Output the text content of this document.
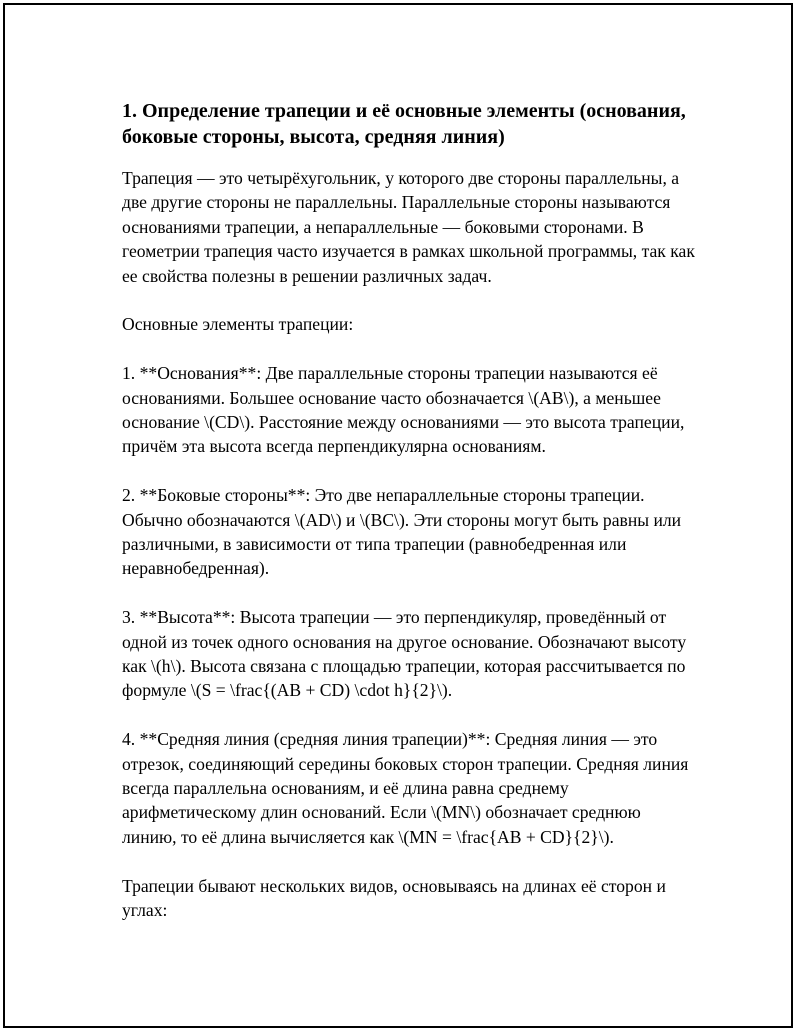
1. Определение трапеции и её основные элементы (основания, боковые стороны, высота, средняя линия)

Трапеция — это четырёхугольник, у которого две стороны параллельны, а две другие стороны не параллельны. Параллельные стороны называются основаниями трапеции, а непараллельные — боковыми сторонами. В геометрии трапеция часто изучается в рамках школьной программы, так как ее свойства полезны в решении различных задач.

Основные элементы трапеции:

1. **Основания**: Две параллельные стороны трапеции называются её основаниями. Большее основание часто обозначается \(AB\), а меньшее основание \(CD\). Расстояние между основаниями — это высота трапеции, причём эта высота всегда перпендикулярна основаниям.

2. **Боковые стороны**: Это две непараллельные стороны трапеции. Обычно обозначаются \(AD\) и \(BC\). Эти стороны могут быть равны или различными, в зависимости от типа трапеции (равнобедренная или неравнобедренная).

3. **Высота**: Высота трапеции — это перпендикуляр, проведённый от одной из точек одного основания на другое основание. Обозначают высоту как \(h\). Высота связана с площадью трапеции, которая рассчитывается по формуле \(S = \frac{(AB + CD) \cdot h}{2}\).

4. **Средняя линия (средняя линия трапеции)**: Средняя линия — это отрезок, соединяющий середины боковых сторон трапеции. Средняя линия всегда параллельна основаниям, и её длина равна среднему арифметическому длин оснований. Если \(MN\) обозначает среднюю линию, то её длина вычисляется как \(MN = \frac{AB + CD}{2}\).

Трапеции бывают нескольких видов, основываясь на длинах её сторон и углах:
